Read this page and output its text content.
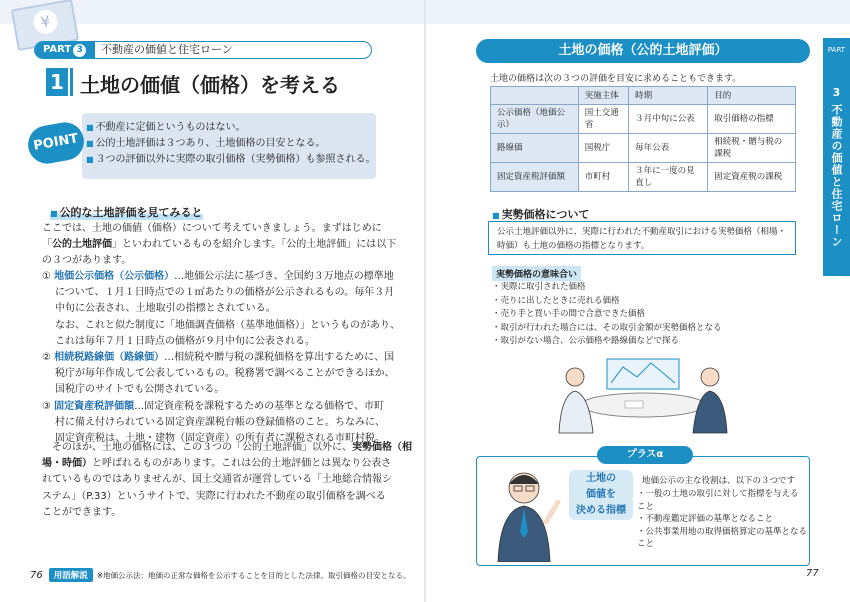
¥
PART 3	不動産の価値と住宅ローン
1 土地の価値（価格）を考える
■ 不動産に定価というものはない。
■ 公的土地評価は３つあり、土地価格の目安となる。
■ ３つの評価以外に実際の取引価格（実勢価格）も参照される。
POINT
■ 公的な土地評価を見てみると

ここでは、土地の価値（価格）について考えていきましょう。まずはじめに

「公的土地評価」といわれているものを紹介します。「公的土地評価」には以下

の３つがあります。

① 地価公示価格（公示価格）…地価公示法に基づき、全国約３万地点の標準地
について、１月１日時点での１㎡あたりの価格が公示されるもの。毎年３月
中旬に公表され、土地取引の指標とされている。
なお、これと似た制度に「地価調査価格（基準地価格）」というものがあり、
これは毎年７月１日時点の価格が９月中旬に公表される。
② 相続税路線価（路線価）…相続税や贈与税の課税価格を算出するために、国
税庁が毎年作成して公表しているもの。税務署で調べることができるほか、
国税庁のサイトでも公開されている。
③ 固定資産税評価額…固定資産税を課税するための基準となる価格で、市町
村に備え付けられている固定資産課税台帳の登録価格のこと。ちなみに、
固定資産税は、土地・建物（固定資産）の所有者に課税される市町村税。

　そのほか、土地の価格には、この３つの「公的土地評価」以外に、実勢価格（相

場・時価）と呼ばれるものがあります。これは公的土地評価とは異なり公表さ

れているものではありませんが、国土交通省が運営している「土地総合情報シ

ステム」（P.33）というサイトで、実際に行われた不動産の取引価格を調べる

ことができます。

76 用語解説 ※地価公示法：地価の正常な価格を公示することを目的とした法律。取引価格の目安となる。
PART
3
不動産の価値と住宅ローン
土地の価格（公的土地評価）
土地の価格は次の３つの評価を目安に求めることもできます。
	実施主体	時期	目的
公示価格（地価公示）	国土交通省	３月中旬に公表	取引価格の指標
路線価	国税庁	毎年公表	相続税・贈与税の課税
固定資産税評価額	市町村	３年に一度の見直し	固定資産税の課税
■ 実勢価格について
公示土地評価以外に、実際に行われた不動産取引における実勢価格（相場・時価）も土地の価格の指標となります。
実勢価格の意味合い
・ 実際に取引された価格
・ 売りに出したときに売れる価格
・ 売り手と買い手の間で合意できた価格
・ 取引が行われた場合には、その取引金額が実勢価格となる
・ 取引がない場合、公示価格や路線価などで探る
プラスα
土地の
価値を
決める指標
地価公示の主な役割は、以下の３つです
・ 一般の土地の取引に対して指標を与える
こと
・ 不動産鑑定評価の基準となること
・ 公共事業用地の取得価格算定の基準となる
こと
77
